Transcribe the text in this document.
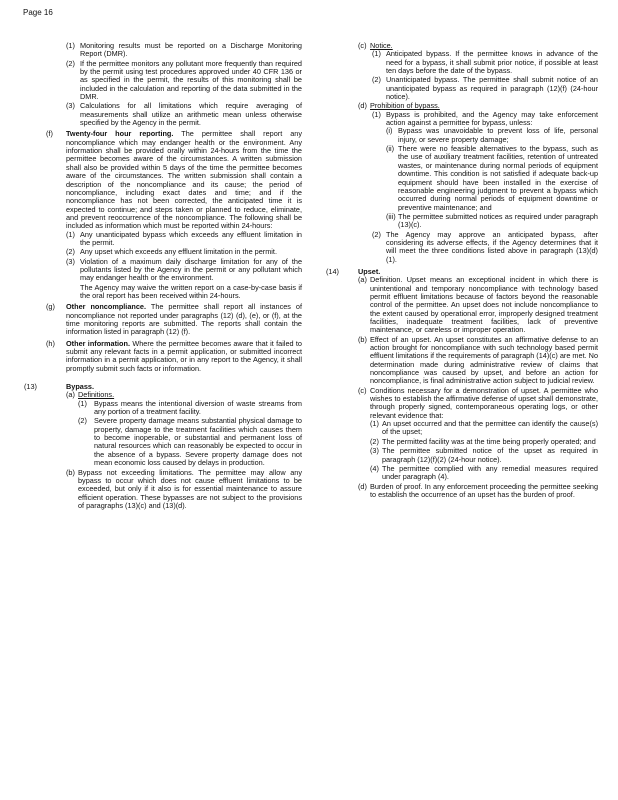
Page 16
(1) Monitoring results must be reported on a Discharge Monitoring Report (DMR).

(2) If the permittee monitors any pollutant more frequently than required by the permit using test procedures approved under 40 CFR 136 or as specified in the permit, the results of this monitoring shall be included in the calculation and reporting of the data submitted in the DMR.

(3) Calculations for all limitations which require averaging of measurements shall utilize an arithmetic mean unless otherwise specified by the Agency in the permit.

(f) Twenty-four hour reporting. The permittee shall report any noncompliance which may endanger health or the environment. Any information shall be provided orally within 24-hours from the time the permittee becomes aware of the circumstances. A written submission shall also be provided within 5 days of the time the permittee becomes aware of the circumstances. The written submission shall contain a description of the noncompliance and its cause; the period of noncompliance, including exact dates and time; and if the noncompliance has not been corrected, the anticipated time it is expected to continue; and steps taken or planned to reduce, eliminate, and prevent reoccurrence of the noncompliance. The following shall be included as information which must be reported within 24-hours:

(1) Any unanticipated bypass which exceeds any effluent limitation in the permit.

(2) Any upset which exceeds any effluent limitation in the permit.

(3) Violation of a maximum daily discharge limitation for any of the pollutants listed by the Agency in the permit or any pollutant which may endanger health or the environment.

The Agency may waive the written report on a case-by-case basis if the oral report has been received within 24-hours.

(g) Other noncompliance. The permittee shall report all instances of noncompliance not reported under paragraphs (12) (d), (e), or (f), at the time monitoring reports are submitted. The reports shall contain the information listed in paragraph (12) (f).

(h) Other information. Where the permittee becomes aware that it failed to submit any relevant facts in a permit application, or submitted incorrect information in a permit application, or in any report to the Agency, it shall promptly submit such facts or information.

(13)	Bypass.

(a) Definitions.

(1) Bypass means the intentional diversion of waste streams from any portion of a treatment facility.

(2) Severe property damage means substantial physical damage to property, damage to the treatment facilities which causes them to become inoperable, or substantial and permanent loss of natural resources which can reasonably be expected to occur in the absence of a bypass. Severe property damage does not mean economic loss caused by delays in production.

(b) Bypass not exceeding limitations. The permittee may allow any bypass to occur which does not cause effluent limitations to be exceeded, but only if it also is for essential maintenance to assure efficient operation. These bypasses are not subject to the provisions of paragraphs (13)(c) and (13)(d).

(c) Notice.

(1) Anticipated bypass. If the permittee knows in advance of the need for a bypass, it shall submit prior notice, if possible at least ten days before the date of the bypass.

(2) Unanticipated bypass. The permittee shall submit notice of an unanticipated bypass as required in paragraph (12)(f) (24-hour notice).

(d) Prohibition of bypass.

(1) Bypass is prohibited, and the Agency may take enforcement action against a permittee for bypass, unless:

(i) Bypass was unavoidable to prevent loss of life, personal injury, or severe property damage;

(ii) There were no feasible alternatives to the bypass, such as the use of auxiliary treatment facilities, retention of untreated wastes, or maintenance during normal periods of equipment downtime. This condition is not satisfied if adequate back-up equipment should have been installed in the exercise of reasonable engineering judgment to prevent a bypass which occurred during normal periods of equipment downtime or preventive maintenance; and

(iii) The permittee submitted notices as required under paragraph (13)(c).

(2) The Agency may approve an anticipated bypass, after considering its adverse effects, if the Agency determines that it will meet the three conditions listed above in paragraph (13)(d)(1).

(14)	Upset.

(a) Definition. Upset means an exceptional incident in which there is unintentional and temporary noncompliance with technology based permit effluent limitations because of factors beyond the reasonable control of the permittee. An upset does not include noncompliance to the extent caused by operational error, improperly designed treatment facilities, inadequate treatment facilities, lack of preventive maintenance, or careless or improper operation.

(b) Effect of an upset. An upset constitutes an affirmative defense to an action brought for noncompliance with such technology based permit effluent limitations if the requirements of paragraph (14)(c) are met. No determination made during administrative review of claims that noncompliance was caused by upset, and before an action for noncompliance, is final administrative action subject to judicial review.

(c) Conditions necessary for a demonstration of upset. A permittee who wishes to establish the affirmative defense of upset shall demonstrate, through properly signed, contemporaneous operating logs, or other relevant evidence that:

(1) An upset occurred and that the permittee can identify the cause(s) of the upset;

(2) The permitted facility was at the time being properly operated; and

(3) The permittee submitted notice of the upset as required in paragraph (12)(f)(2) (24-hour notice).

(4) The permittee complied with any remedial measures required under paragraph (4).

(d) Burden of proof. In any enforcement proceeding the permittee seeking to establish the occurrence of an upset has the burden of proof.
